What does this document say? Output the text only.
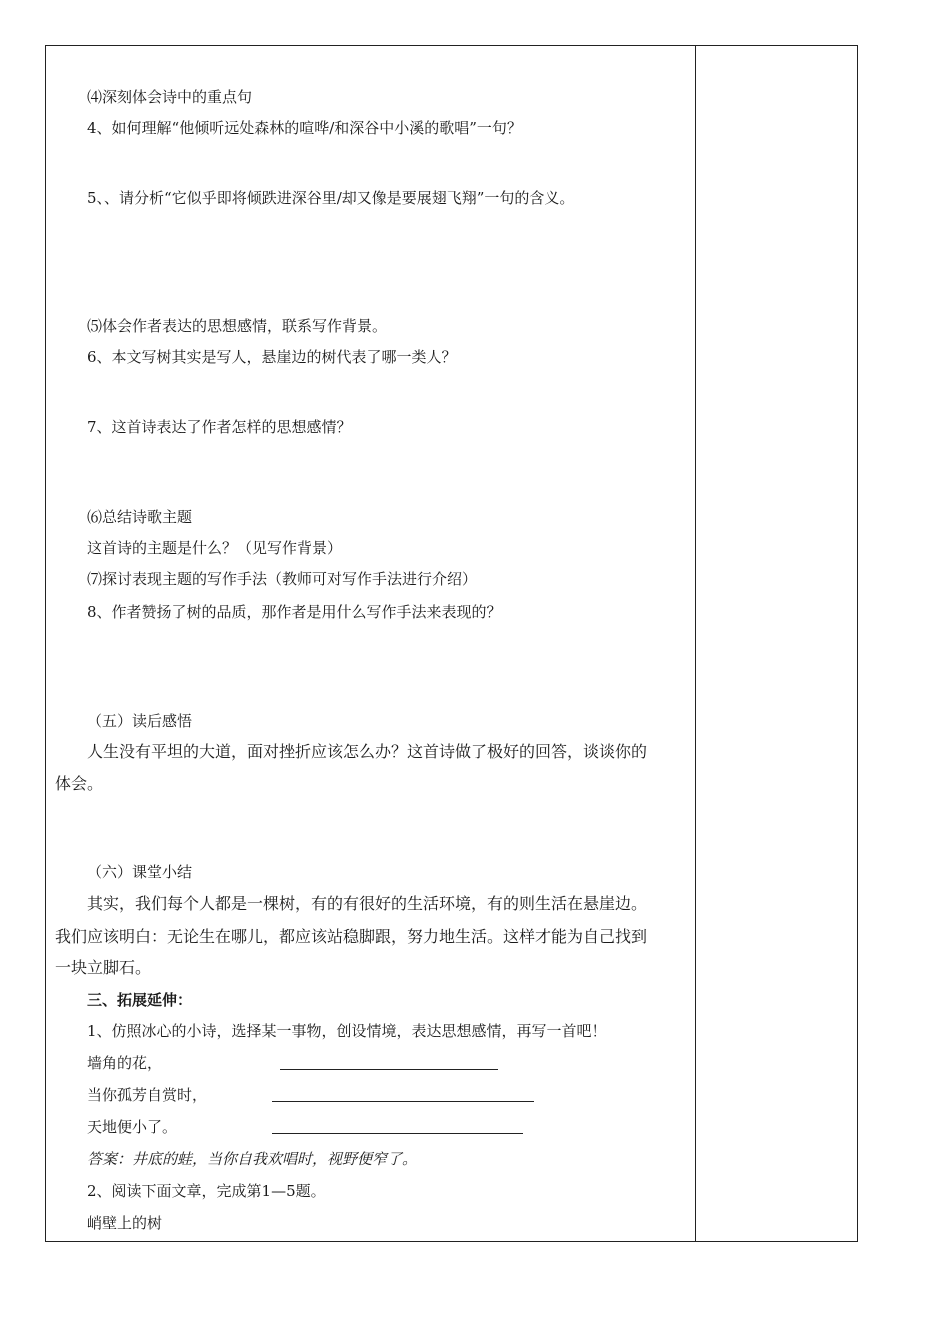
⑷深刻体会诗中的重点句
4、如何理解“他倾听远处森林的喧哗/和深谷中小溪的歌唱”一句？
5、、请分析“它似乎即将倾跌进深谷里/却又像是要展翅飞翔”一句的含义。
⑸体会作者表达的思想感情，联系写作背景。
6、本文写树其实是写人，悬崖边的树代表了哪一类人？
7、这首诗表达了作者怎样的思想感情？
⑹总结诗歌主题
这首诗的主题是什么？（见写作背景）
⑺探讨表现主题的写作手法（教师可对写作手法进行介绍）
8、作者赞扬了树的品质，那作者是用什么写作手法来表现的？
（五）读后感悟
人生没有平坦的大道，面对挫折应该怎么办？这首诗做了极好的回答，谈谈你的
体会。
（六）课堂小结
其实，我们每个人都是一棵树，有的有很好的生活环境，有的则生活在悬崖边。
我们应该明白：无论生在哪儿，都应该站稳脚跟，努力地生活。这样才能为自己找到
一块立脚石。
三、拓展延伸：
1、仿照冰心的小诗，选择某一事物，创设情境，表达思想感情，再写一首吧！
墙角的花，
当你孤芳自赏时，
天地便小了。
答案：井底的蛙，当你自我欢唱时，视野便窄了。
2、阅读下面文章，完成第1—5题。
峭壁上的树
